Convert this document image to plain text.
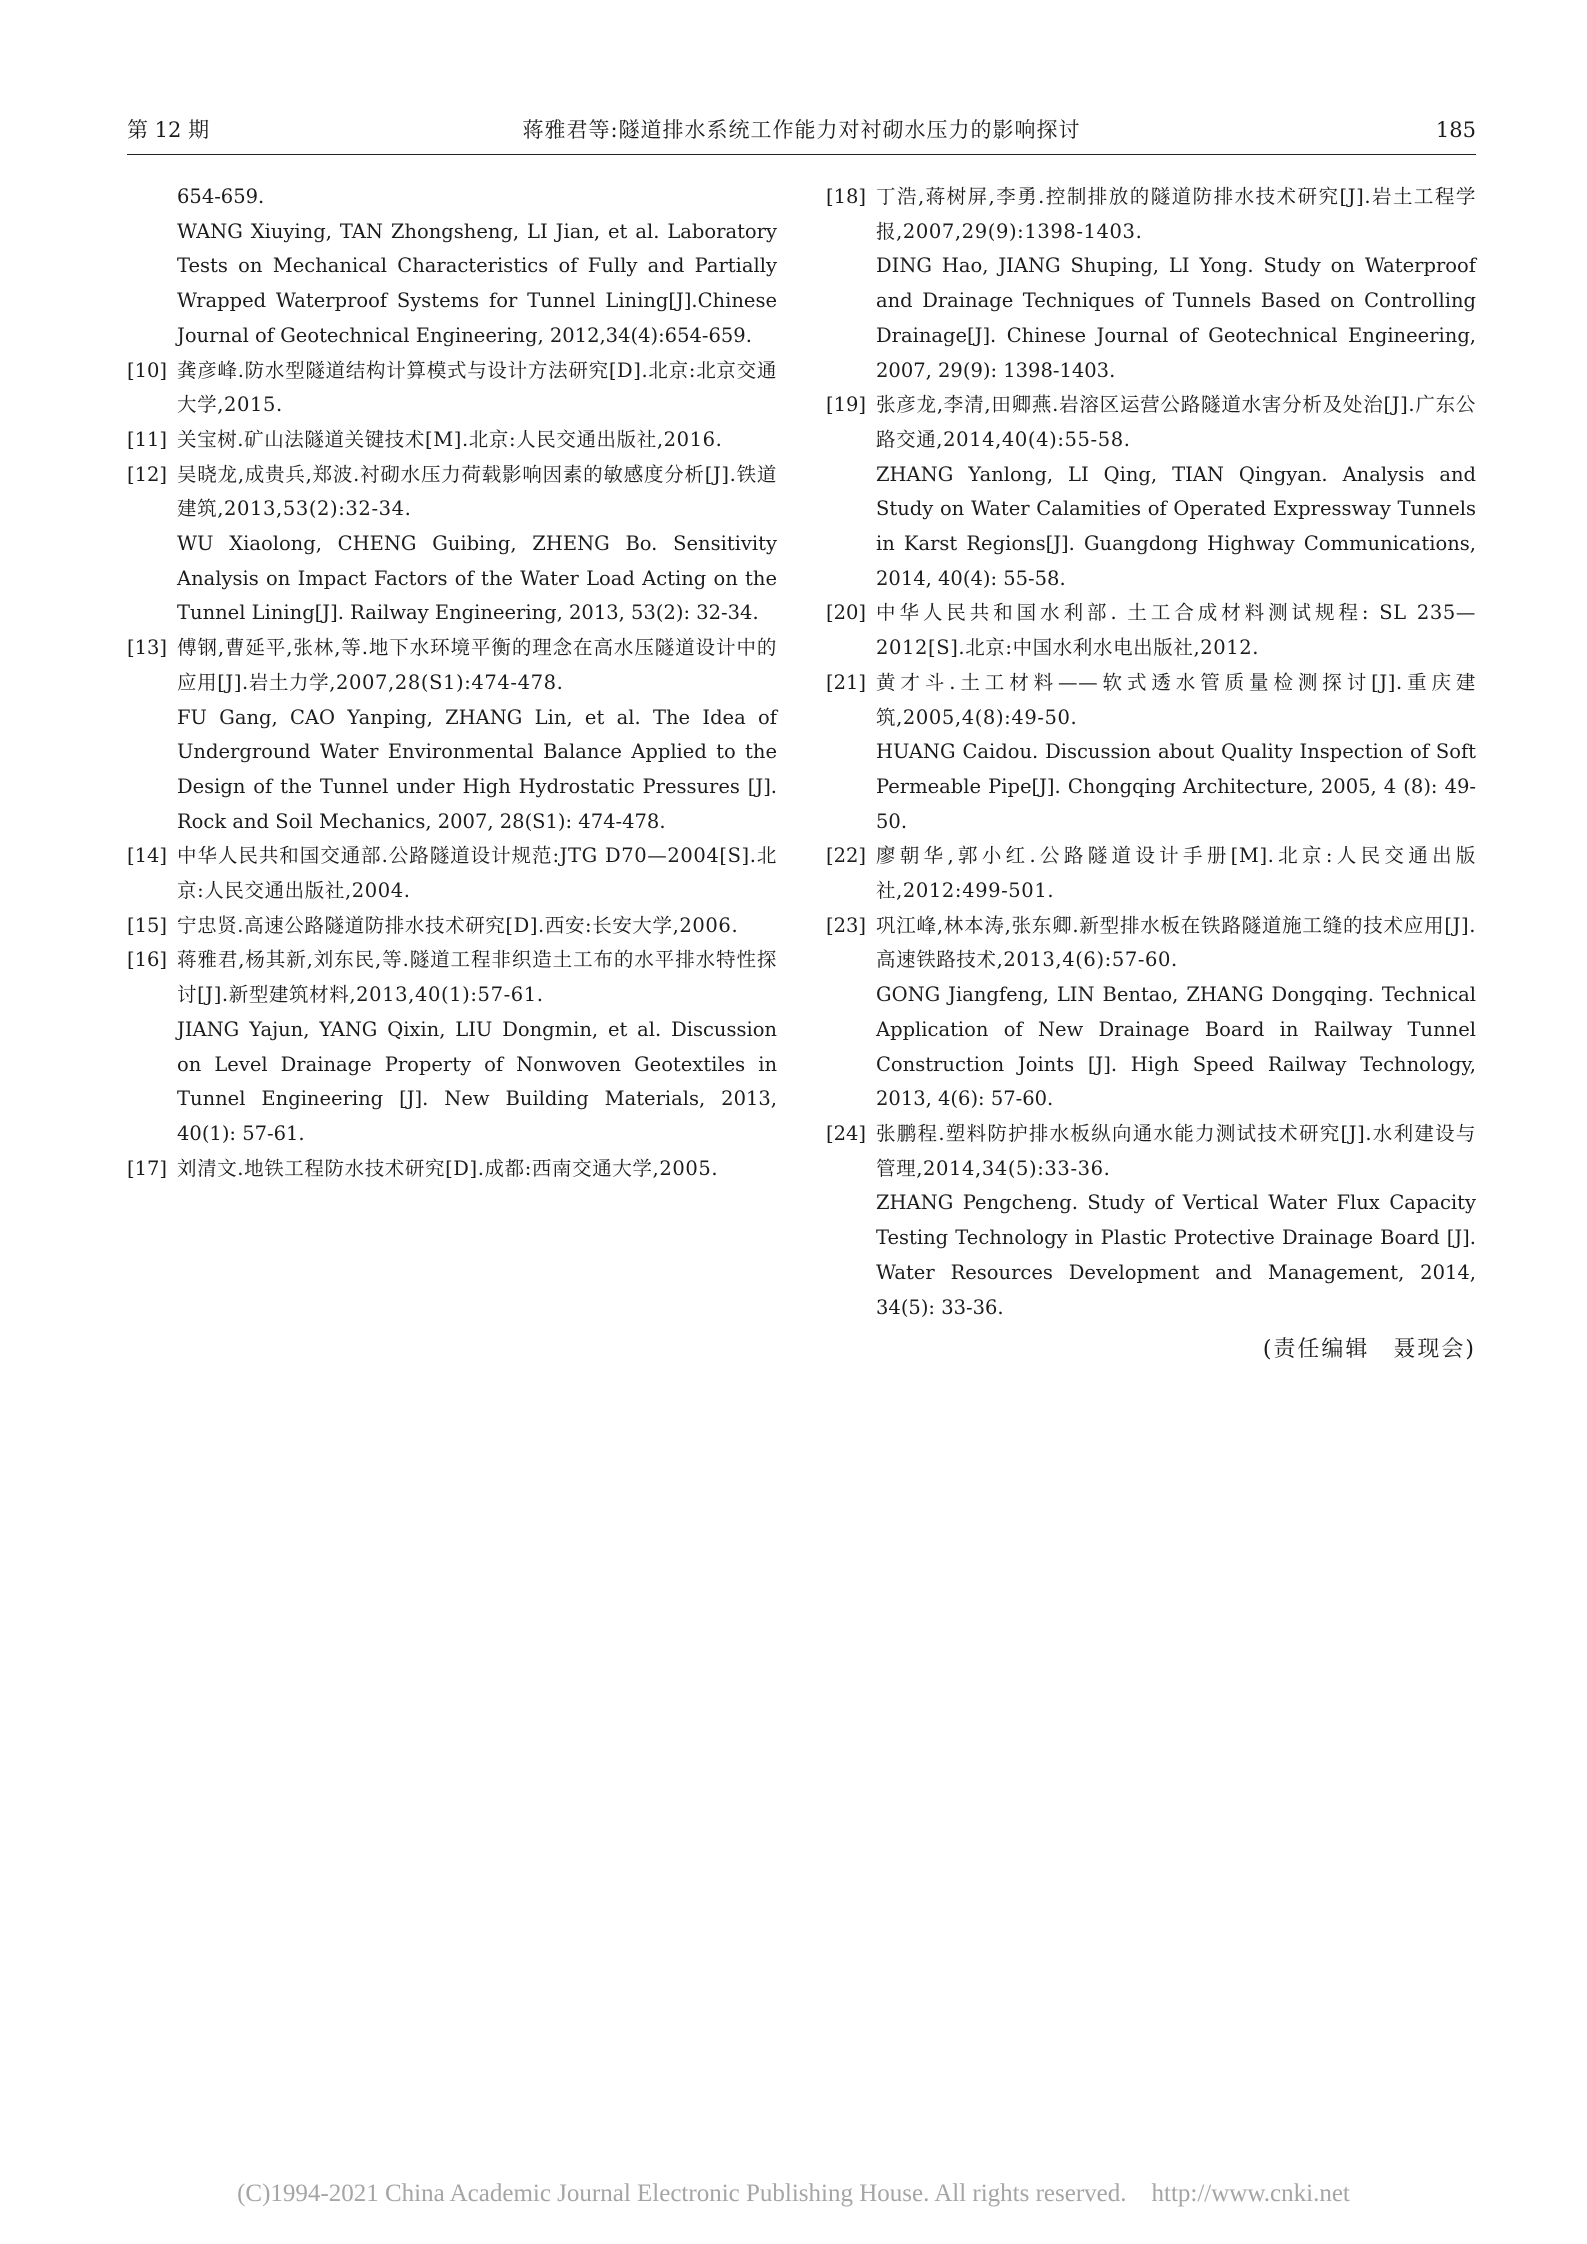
第 12 期	蒋雅君等:隧道排水系统工作能力对衬砌水压力的影响探讨	185
654-659.
WANG Xiuying, TAN Zhongsheng, LI Jian, et al. Laboratory Tests on Mechanical Characteristics of Fully and Partially Wrapped Waterproof Systems for Tunnel Lining[J].Chinese Journal of Geotechnical Engineering, 2012,34(4):654-659.
[10] 龚彦峰.防水型隧道结构计算模式与设计方法研究[D].北京:北京交通大学,2015.
[11] 关宝树.矿山法隧道关键技术[M].北京:人民交通出版社,2016.
[12] 吴晓龙,成贵兵,郑波.衬砌水压力荷载影响因素的敏感度分析[J].铁道建筑,2013,53(2):32-34.
WU Xiaolong, CHENG Guibing, ZHENG Bo. Sensitivity Analysis on Impact Factors of the Water Load Acting on the Tunnel Lining[J]. Railway Engineering, 2013, 53(2): 32-34.
[13] 傅钢,曹延平,张林,等.地下水环境平衡的理念在高水压隧道设计中的应用[J].岩土力学,2007,28(S1):474-478.
FU Gang, CAO Yanping, ZHANG Lin, et al. The Idea of Underground Water Environmental Balance Applied to the Design of the Tunnel under High Hydrostatic Pressures [J]. Rock and Soil Mechanics, 2007, 28(S1): 474-478.
[14] 中华人民共和国交通部.公路隧道设计规范:JTG D70—2004[S].北京:人民交通出版社,2004.
[15] 宁忠贤.高速公路隧道防排水技术研究[D].西安:长安大学,2006.
[16] 蒋雅君,杨其新,刘东民,等.隧道工程非织造土工布的水平排水特性探讨[J].新型建筑材料,2013,40(1):57-61.
JIANG Yajun, YANG Qixin, LIU Dongmin, et al. Discussion on Level Drainage Property of Nonwoven Geotextiles in Tunnel Engineering [J]. New Building Materials, 2013, 40(1): 57-61.
[17] 刘清文.地铁工程防水技术研究[D].成都:西南交通大学,2005.
[18] 丁浩,蒋树屏,李勇.控制排放的隧道防排水技术研究[J].岩土工程学报,2007,29(9):1398-1403.
DING Hao, JIANG Shuping, LI Yong. Study on Waterproof and Drainage Techniques of Tunnels Based on Controlling Drainage[J]. Chinese Journal of Geotechnical Engineering, 2007, 29(9): 1398-1403.
[19] 张彦龙,李清,田卿燕.岩溶区运营公路隧道水害分析及处治[J].广东公路交通,2014,40(4):55-58.
ZHANG Yanlong, LI Qing, TIAN Qingyan. Analysis and Study on Water Calamities of Operated Expressway Tunnels in Karst Regions[J]. Guangdong Highway Communications, 2014, 40(4): 55-58.
[20] 中华人民共和国水利部. 土工合成材料测试规程: SL 235—2012[S].北京:中国水利水电出版社,2012.
[21] 黄才斗.土工材料——软式透水管质量检测探讨[J].重庆建筑,2005,4(8):49-50.
HUANG Caidou. Discussion about Quality Inspection of Soft Permeable Pipe[J]. Chongqing Architecture, 2005, 4 (8): 49-50.
[22] 廖朝华,郭小红.公路隧道设计手册[M].北京:人民交通出版社,2012:499-501.
[23] 巩江峰,林本涛,张东卿.新型排水板在铁路隧道施工缝的技术应用[J].高速铁路技术,2013,4(6):57-60.
GONG Jiangfeng, LIN Bentao, ZHANG Dongqing. Technical Application of New Drainage Board in Railway Tunnel Construction Joints [J]. High Speed Railway Technology, 2013, 4(6): 57-60.
[24] 张鹏程.塑料防护排水板纵向通水能力测试技术研究[J].水利建设与管理,2014,34(5):33-36.
ZHANG Pengcheng. Study of Vertical Water Flux Capacity Testing Technology in Plastic Protective Drainage Board [J]. Water Resources Development and Management, 2014, 34(5): 33-36.
(责任编辑　聂现会)
(C)1994-2021 China Academic Journal Electronic Publishing House. All rights reserved.    http://www.cnki.net
